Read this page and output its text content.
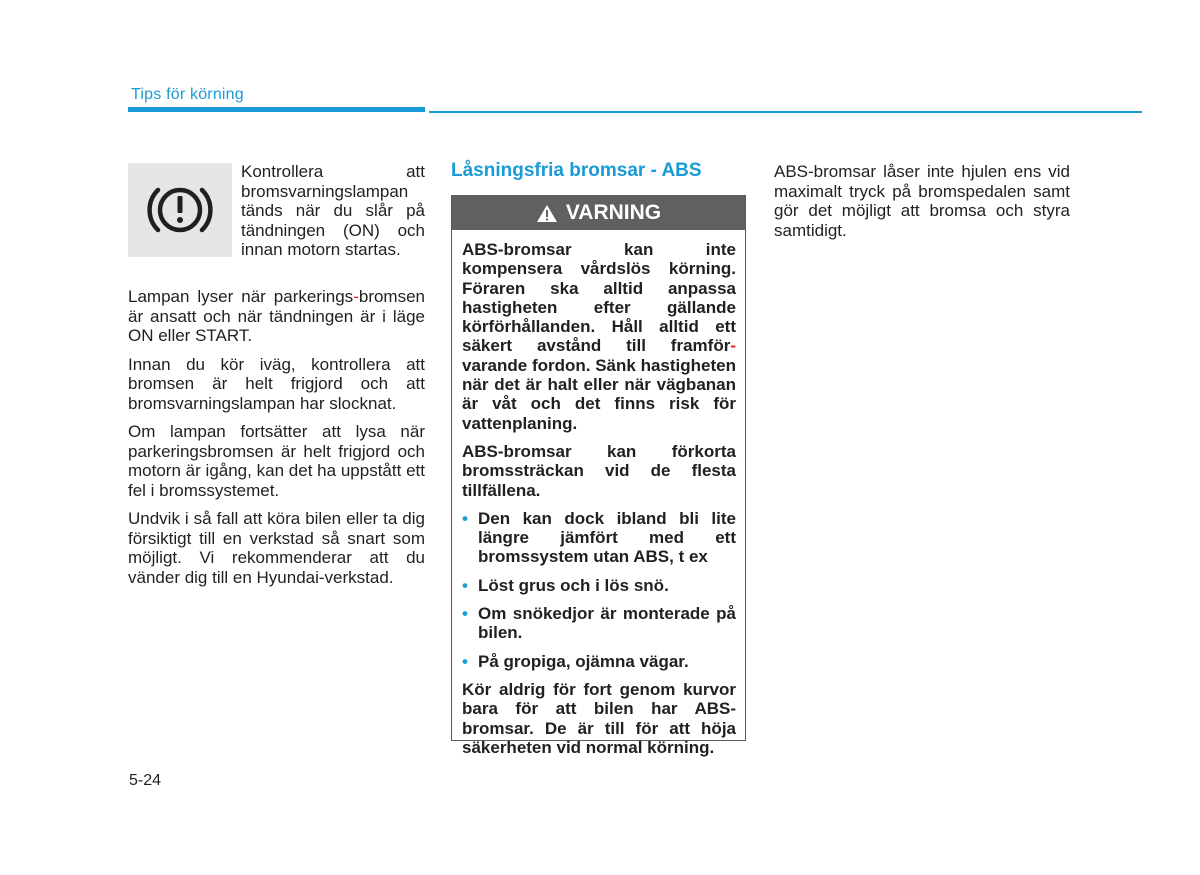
Tips för körning
Kontrollera att bromsvarningslampan tänds när du slår på tändningen (ON) och innan motorn startas.

Lampan lyser när parkerings-bromsen är ansatt och när tändningen är i läge ON eller START.

Innan du kör iväg, kontrollera att bromsen är helt frigjord och att bromsvarningslampan har slocknat.

Om lampan fortsätter att lysa när parkeringsbromsen är helt frigjord och motorn är igång, kan det ha uppstått ett fel i bromssystemet.

Undvik i så fall att köra bilen eller ta dig försiktigt till en verkstad så snart som möjligt. Vi rekommenderar att du vänder dig till en Hyundai-verkstad.

Låsningsfria bromsar - ABS
VARNING

ABS-bromsar kan inte kompensera vårdslös körning. Föraren ska alltid anpassa hastigheten efter gällande körförhållanden. Håll alltid ett säkert avstånd till framför-varande fordon. Sänk hastigheten när det är halt eller när vägbanan är våt och det finns risk för vattenplaning.

ABS-bromsar kan förkorta bromssträckan vid de flesta tillfällena.

• Den kan dock ibland bli lite längre jämfört med ett bromssystem utan ABS, t ex
• Löst grus och i lös snö.
• Om snökedjor är monterade på bilen.
• På gropiga, ojämna vägar.

Kör aldrig för fort genom kurvor bara för att bilen har ABS-bromsar. De är till för att höja säkerheten vid normal körning.

ABS-bromsar låser inte hjulen ens vid maximalt tryck på bromspedalen samt gör det möjligt att bromsa och styra samtidigt.

5-24
